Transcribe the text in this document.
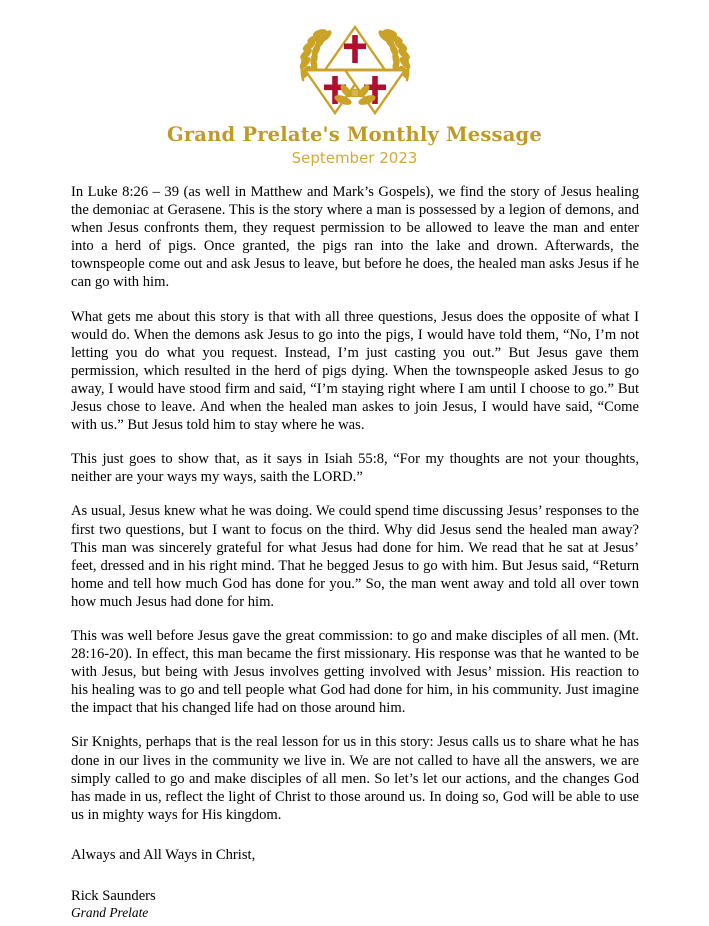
Grand Prelate's Monthly Message
September 2023

In Luke 8:26 – 39 (as well in Matthew and Mark’s Gospels), we find the story of Jesus healing the demoniac at Gerasene. This is the story where a man is possessed by a legion of demons, and when Jesus confronts them, they request permission to be allowed to leave the man and enter into a herd of pigs. Once granted, the pigs ran into the lake and drown. Afterwards, the townspeople come out and ask Jesus to leave, but before he does, the healed man asks Jesus if he can go with him.

What gets me about this story is that with all three questions, Jesus does the opposite of what I would do. When the demons ask Jesus to go into the pigs, I would have told them, “No, I’m not letting you do what you request. Instead, I’m just casting you out.” But Jesus gave them permission, which resulted in the herd of pigs dying. When the townspeople asked Jesus to go away, I would have stood firm and said, “I’m staying right where I am until I choose to go.” But Jesus chose to leave. And when the healed man askes to join Jesus, I would have said, “Come with us.” But Jesus told him to stay where he was.

This just goes to show that, as it says in Isiah 55:8, “For my thoughts are not your thoughts, neither are your ways my ways, saith the LORD.”

As usual, Jesus knew what he was doing. We could spend time discussing Jesus’ responses to the first two questions, but I want to focus on the third. Why did Jesus send the healed man away? This man was sincerely grateful for what Jesus had done for him. We read that he sat at Jesus’ feet, dressed and in his right mind. That he begged Jesus to go with him. But Jesus said, “Return home and tell how much God has done for you.” So, the man went away and told all over town how much Jesus had done for him.

This was well before Jesus gave the great commission: to go and make disciples of all men. (Mt. 28:16-20). In effect, this man became the first missionary. His response was that he wanted to be with Jesus, but being with Jesus involves getting involved with Jesus’ mission. His reaction to his healing was to go and tell people what God had done for him, in his community. Just imagine the impact that his changed life had on those around him.

Sir Knights, perhaps that is the real lesson for us in this story: Jesus calls us to share what he has done in our lives in the community we live in. We are not called to have all the answers, we are simply called to go and make disciples of all men. So let’s let our actions, and the changes God has made in us, reflect the light of Christ to those around us. In doing so, God will be able to use us in mighty ways for His kingdom.

Always and All Ways in Christ,

Rick Saunders

Grand Prelate
